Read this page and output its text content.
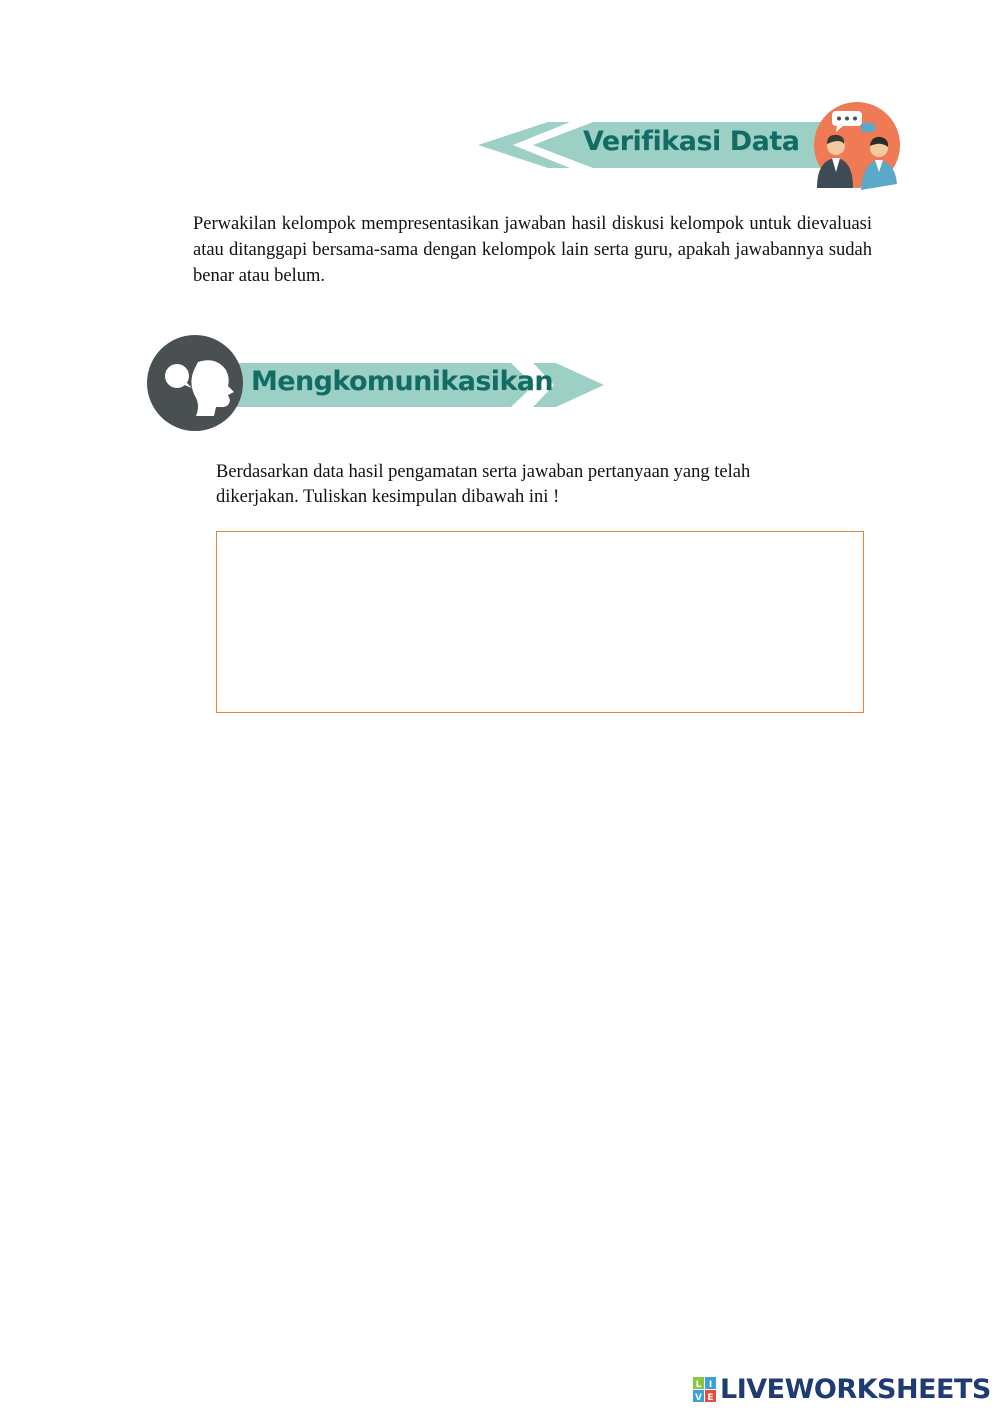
Verifikasi Data
Perwakilan kelompok mempresentasikan jawaban hasil diskusi kelompok untuk dievaluasi atau ditanggapi bersama-sama dengan kelompok lain serta guru, apakah jawabannya sudah benar atau belum.
Mengkomunikasikan
Berdasarkan data hasil pengamatan serta jawaban pertanyaan yang telah dikerjakan. Tuliskan kesimpulan dibawah ini !
L I
V E LIVEWORKSHEETS
